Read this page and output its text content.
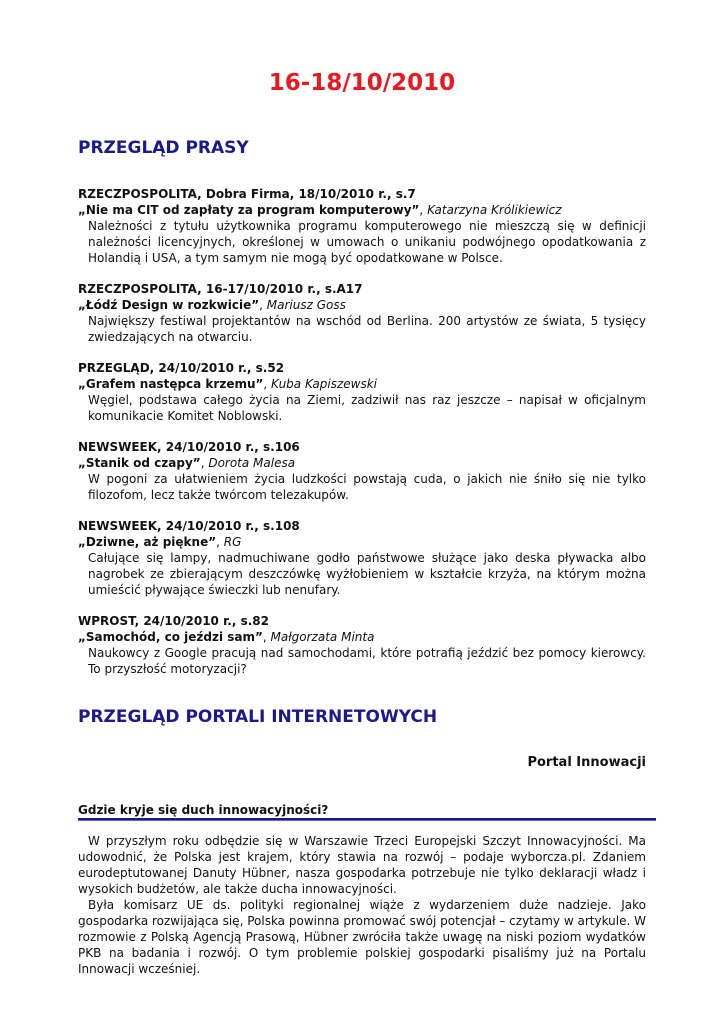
16-18/10/2010
PRZEGLĄD PRASY
RZECZPOSPOLITA, Dobra Firma, 18/10/2010 r., s.7
„Nie ma CIT od zapłaty za program komputerowy”, Katarzyna Królikiewicz
Należności z tytułu użytkownika programu komputerowego nie mieszczą się w definicji należności licencyjnych, określonej w umowach o unikaniu podwójnego opodatkowania z Holandią i USA, a tym samym nie mogą być opodatkowane w Polsce.
RZECZPOSPOLITA, 16-17/10/2010 r., s.A17
„Łódź Design w rozkwicie”, Mariusz Goss
Największy festiwal projektantów na wschód od Berlina. 200 artystów ze świata, 5 tysięcy zwiedzających na otwarciu.
PRZEGLĄD, 24/10/2010 r., s.52
„Grafem następca krzemu”, Kuba Kapiszewski
Węgiel, podstawa całego życia na Ziemi, zadziwił nas raz jeszcze – napisał w oficjalnym komunikacie Komitet Noblowski.
NEWSWEEK, 24/10/2010 r., s.106
„Stanik od czapy”, Dorota Malesa
W pogoni za ułatwieniem życia ludzkości powstają cuda, o jakich nie śniło się nie tylko filozofom, lecz także twórcom telezakupów.
NEWSWEEK, 24/10/2010 r., s.108
„Dziwne, aż piękne”, RG
Całujące się lampy, nadmuchiwane godło państwowe służące jako deska pływacka albo nagrobek ze zbierającym deszczówkę wyżłobieniem w kształcie krzyża, na którym można umieścić pływające świeczki lub nenufary.
WPROST, 24/10/2010 r., s.82
„Samochód, co jeździ sam”, Małgorzata Minta
Naukowcy z Google pracują nad samochodami, które potrafią jeździć bez pomocy kierowcy. To przyszłość motoryzacji?
PRZEGLĄD PORTALI INTERNETOWYCH
Portal Innowacji
Gdzie kryje się duch innowacyjności?

W przyszłym roku odbędzie się w Warszawie Trzeci Europejski Szczyt Innowacyjności. Ma udowodnić, że Polska jest krajem, który stawia na rozwój – podaje wyborcza.pl. Zdaniem eurodeptutowanej Danuty Hübner, nasza gospodarka potrzebuje nie tylko deklaracji władz i wysokich budżetów, ale także ducha innowacyjności.

Była komisarz UE ds. polityki regionalnej wiąże z wydarzeniem duże nadzieje. Jako gospodarka rozwijająca się, Polska powinna promować swój potencjał – czytamy w artykule. W rozmowie z Polską Agencją Prasową, Hübner zwróciła także uwagę na niski poziom wydatków PKB na badania i rozwój. O tym problemie polskiej gospodarki pisaliśmy już na Portalu Innowacji wcześniej.
